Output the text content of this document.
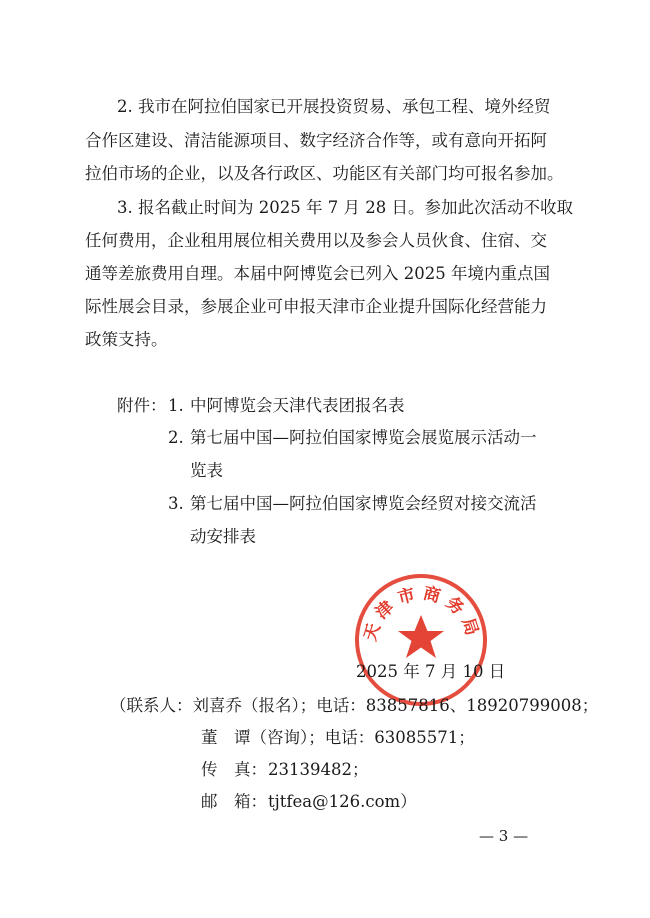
2. 我市在阿拉伯国家已开展投资贸易、承包工程、境外经贸
合作区建设、清洁能源项目、数字经济合作等，或有意向开拓阿
拉伯市场的企业，以及各行政区、功能区有关部门均可报名参加。
3. 报名截止时间为 2025 年 7 月 28 日。参加此次活动不收取
任何费用，企业租用展位相关费用以及参会人员伙食、住宿、交
通等差旅费用自理。本届中阿博览会已列入 2025 年境内重点国
际性展会目录，参展企业可申报天津市企业提升国际化经营能力
政策支持。
附件： 1. 中阿博览会天津代表团报名表
2. 第七届中国—阿拉伯国家博览会展览展示活动一
览表
3. 第七届中国—阿拉伯国家博览会经贸对接交流活
动安排表
天津市商务局
2025 年 7 月 10 日
（联系人：刘喜乔（报名）；电话：83857816、18920799008；
董　谭（咨询）；电话：63085571；
传　真： 23139482；
邮　箱： tjtfea@126.com）
— 3 —
